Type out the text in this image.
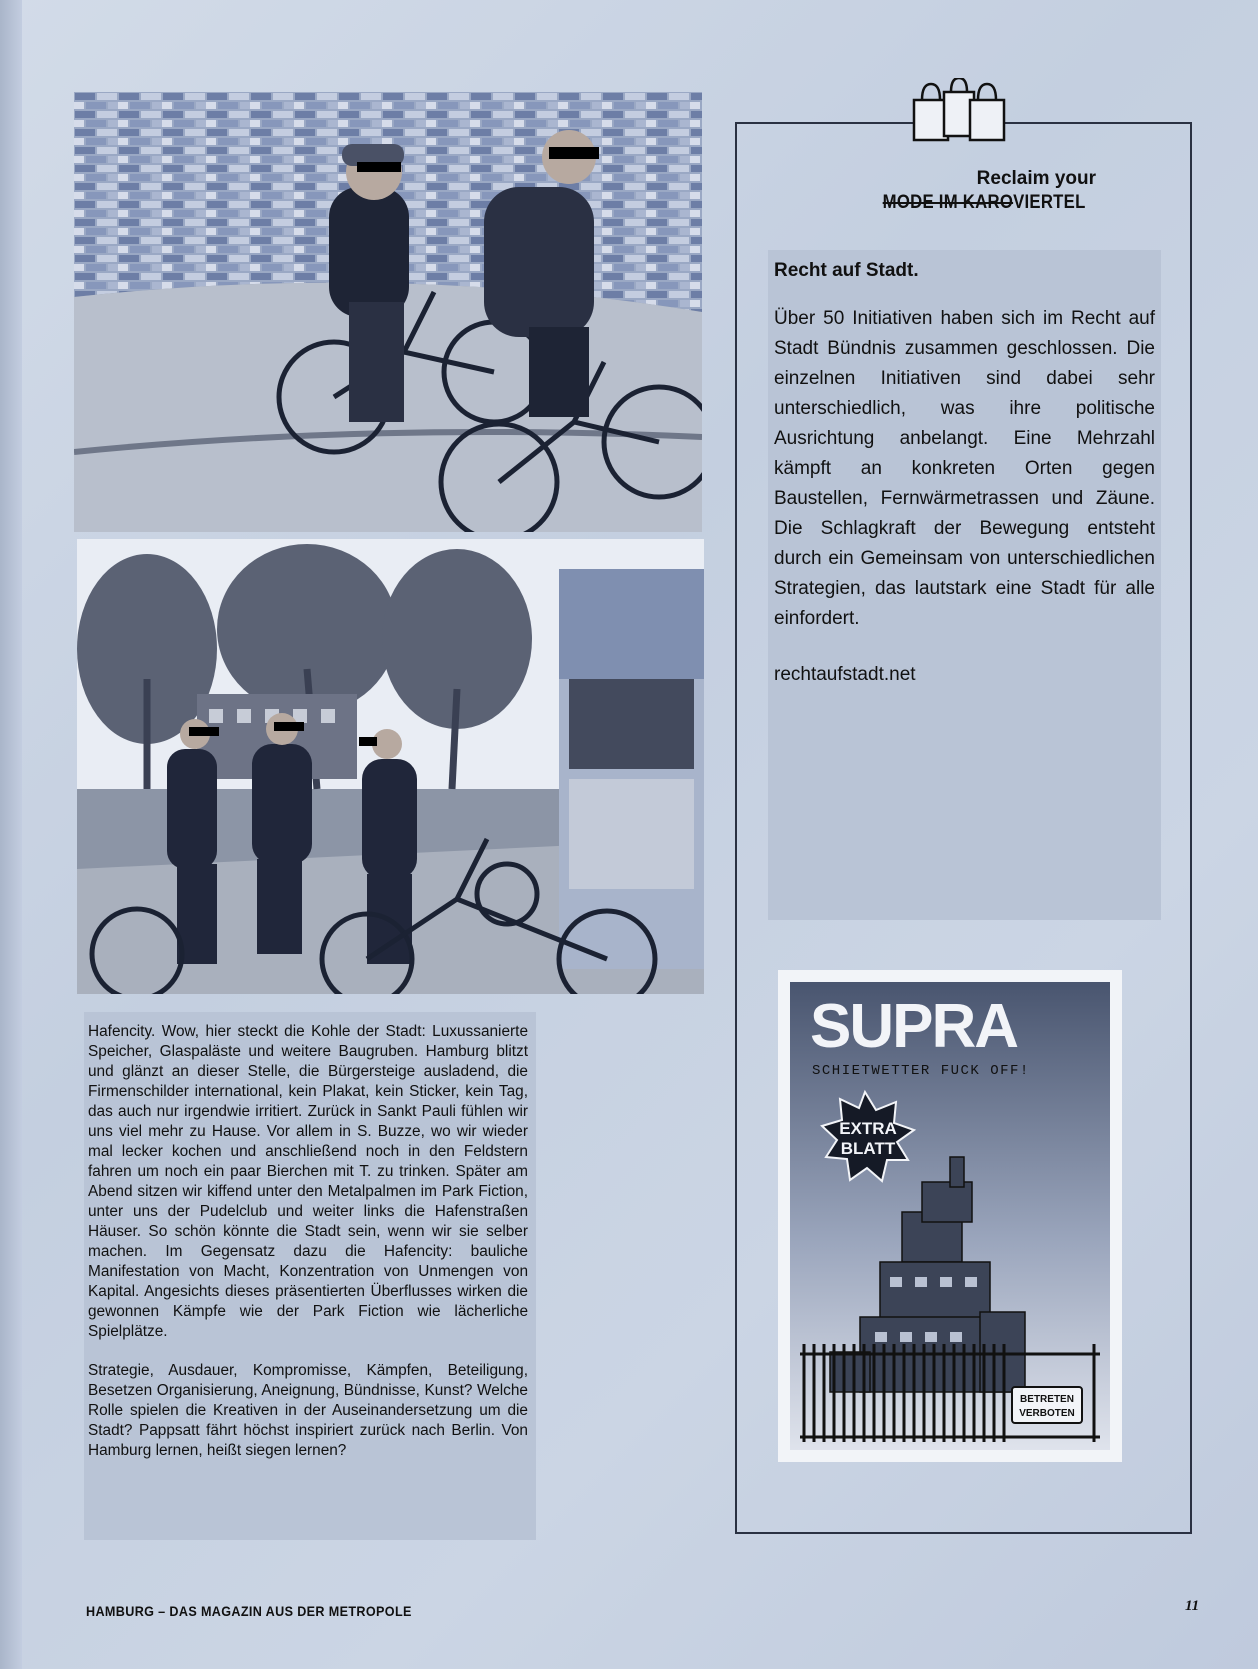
Hafencity. Wow, hier steckt die Kohle der Stadt: Luxussanierte Speicher, Glaspaläste und weitere Baugruben. Hamburg blitzt und glänzt an dieser Stelle, die Bürgersteige ausladend, die Firmenschilder international, kein Plakat, kein Sticker, kein Tag, das auch nur irgendwie irritiert. Zurück in Sankt Pauli fühlen wir uns viel mehr zu Hause. Vor allem in S. Buzze, wo wir wieder mal lecker kochen und anschließend noch in den Feldstern fahren um noch ein paar Bierchen mit T. zu trinken. Später am Abend sitzen wir kiffend unter den Metalpalmen im Park Fiction, unter uns der Pudelclub und weiter links die Hafenstraßen Häuser. So schön könnte die Stadt sein, wenn wir sie selber machen. Im Gegensatz dazu die Hafencity: bauliche Manifestation von Macht, Konzentration von Unmengen von Kapital. Angesichts dieses präsentierten Überflusses wirken die gewonnen Kämpfe wie der Park Fiction wie lächerliche Spielplätze.

Strategie, Ausdauer, Kompromisse, Kämpfen, Beteiligung, Besetzen Organisierung, Aneignung, Bündnisse, Kunst? Welche Rolle spielen die Kreativen in der Auseinandersetzung um die Stadt? Pappsatt fährt höchst inspiriert zurück nach Berlin. Von Hamburg lernen, heißt siegen lernen?

Reclaim your
MODE IM KAROVIERTEL

Recht auf Stadt.

Über 50 Initiativen haben sich im Recht auf Stadt Bündnis zusammen geschlossen. Die einzelnen Initiativen sind dabei sehr unterschiedlich, was ihre politische Ausrichtung anbelangt. Eine Mehrzahl kämpft an konkreten Orten gegen Baustellen, Fernwärmetrassen und Zäune. Die Schlagkraft der Bewegung entsteht durch ein Gemeinsam von unterschiedlichen Strategien, das lautstark eine Stadt für alle einfordert.

rechtaufstadt.net

SUPRA
SCHIETWETTER FUCK OFF!
EXTRA
BLATT
BETRETEN
VERBOTEN
HAMBURG – DAS MAGAZIN AUS DER METROPOLE	11
